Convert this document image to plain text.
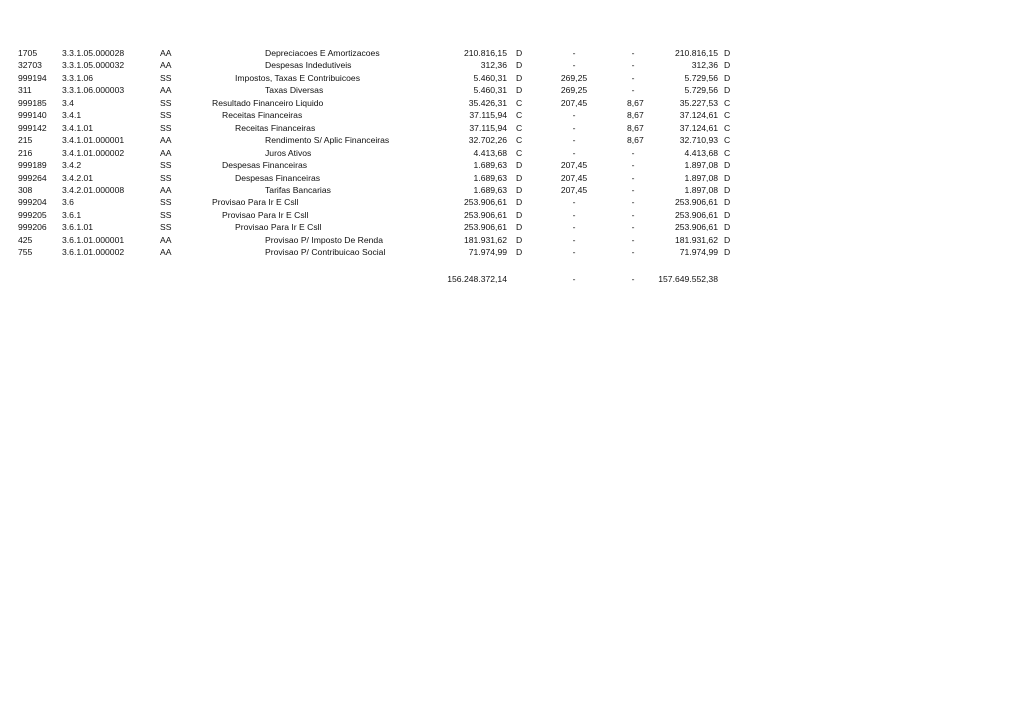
1705	3.3.1.05.000028	AA	Depreciacoes E Amortizacoes	210.816,15 D	-	-	210.816,15 D
32703 3.3.1.05.000032	AA	Despesas Indedutiveis	312,36 D	-	-	312,36 D
999194 3.3.1.06	SS	Impostos, Taxas E Contribuicoes	5.460,31 D	269,25	-	5.729,56 D
311	3.3.1.06.000003	AA	Taxas Diversas	5.460,31 D	269,25	-	5.729,56 D
999185 3.4	SS	Resultado Financeiro Liquido	35.426,31 C	207,45	8,67	35.227,53 C
999140 3.4.1	SS	Receitas Financeiras	37.115,94 C	-	8,67	37.124,61 C
999142 3.4.1.01	SS	Receitas Financeiras	37.115,94 C	-	8,67	37.124,61 C
215	3.4.1.01.000001	AA	Rendimento S/ Aplic Financeiras	32.702,26 C	-	8,67	32.710,93 C
216	3.4.1.01.000002	AA	Juros Ativos	4.413,68 C	-	-	4.413,68 C
999189 3.4.2	SS	Despesas Financeiras	1.689,63 D	207,45	-	1.897,08 D
999264 3.4.2.01	SS	Despesas Financeiras	1.689,63 D	207,45	-	1.897,08 D
308	3.4.2.01.000008	AA	Tarifas Bancarias	1.689,63 D	207,45	-	1.897,08 D
999204 3.6	SS	Provisao Para Ir E Csll	253.906,61 D	-	-	253.906,61 D
999205 3.6.1	SS	Provisao Para Ir E Csll	253.906,61 D	-	-	253.906,61 D
999206 3.6.1.01	SS	Provisao Para Ir E Csll	253.906,61 D	-	-	253.906,61 D
425	3.6.1.01.000001	AA	Provisao P/ Imposto De Renda	181.931,62 D	-	-	181.931,62 D
755	3.6.1.01.000002	AA	Provisao P/ Contribuicao Social	71.974,99 D	-	-	71.974,99 D
156.248.372,14	-	-	157.649.552,38
